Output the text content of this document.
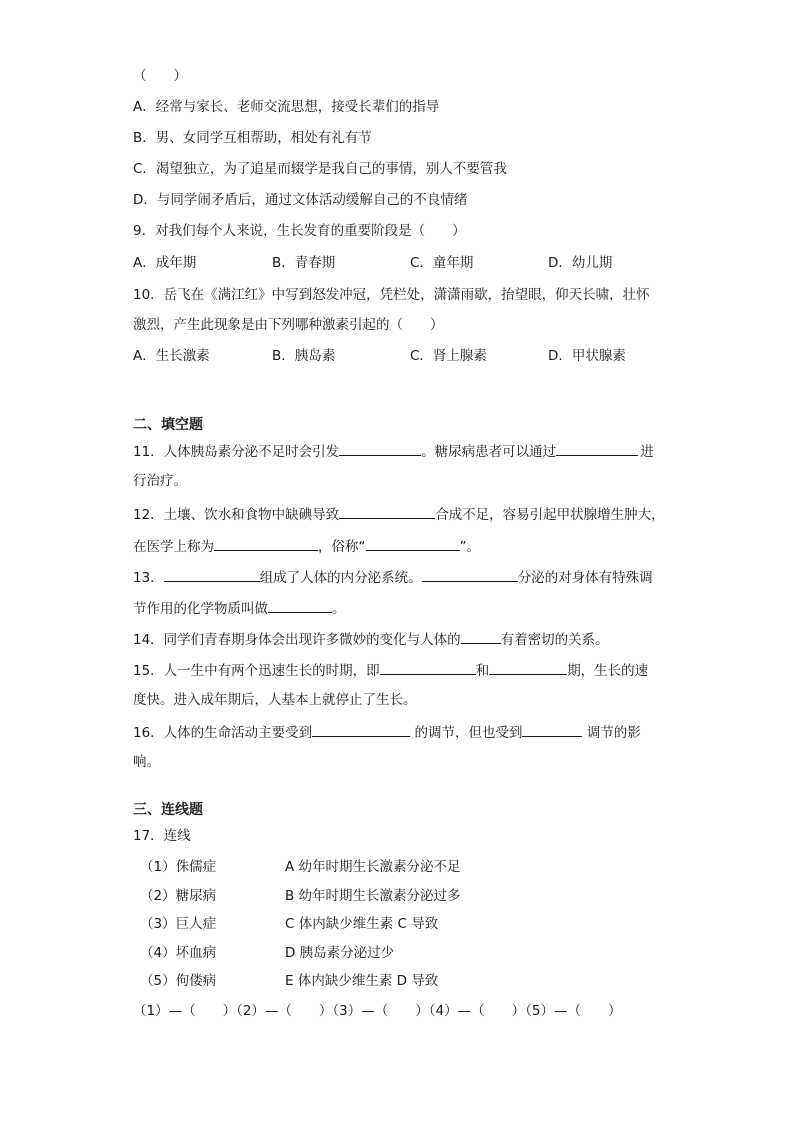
（　　）
A．经常与家长、老师交流思想，接受长辈们的指导
B．男、女同学互相帮助，相处有礼有节
C．渴望独立，为了追星而辍学是我自己的事情，别人不要管我
D．与同学闹矛盾后，通过文体活动缓解自己的不良情绪
9．对我们每个人来说，生长发育的重要阶段是（　　）
A．成年期	B．青春期	C．童年期	D．幼儿期
10．岳飞在《满江红》中写到怒发冲冠，凭栏处，潇潇雨歇，抬望眼，仰天长啸，壮怀
激烈，产生此现象是由下列哪种激素引起的（　　）
A．生长激素	B．胰岛素	C．肾上腺素	D．甲状腺素
二、填空题
11．人体胰岛素分泌不足时会引发	。糖尿病患者可以通过	进
行治疗。
12．土壤、饮水和食物中缺碘导致	合成不足，容易引起甲状腺增生肿大，
在医学上称为	，俗称“	”。
13．	组成了人体的内分泌系统。	分泌的对身体有特殊调
节作用的化学物质叫做	。
14．同学们青春期身体会出现许多微妙的变化与人体的	有着密切的关系。
15．人一生中有两个迅速生长的时期，即	和	期，生长的速
度快。进入成年期后，人基本上就停止了生长。
16．人体的生命活动主要受到	的调节，但也受到	调节的影
响。
三、连线题
17．连线
（1）侏儒症	A 幼年时期生长激素分泌不足
（2）糖尿病	B 幼年时期生长激素分泌过多
（3）巨人症	C 体内缺少维生素 C 导致
（4）坏血病	D 胰岛素分泌过少
（5）佝偻病	E 体内缺少维生素 D 导致
（1）—（　　）（2）—（　　）（3）—（　　）（4）—（　　）（5）—（　　）
